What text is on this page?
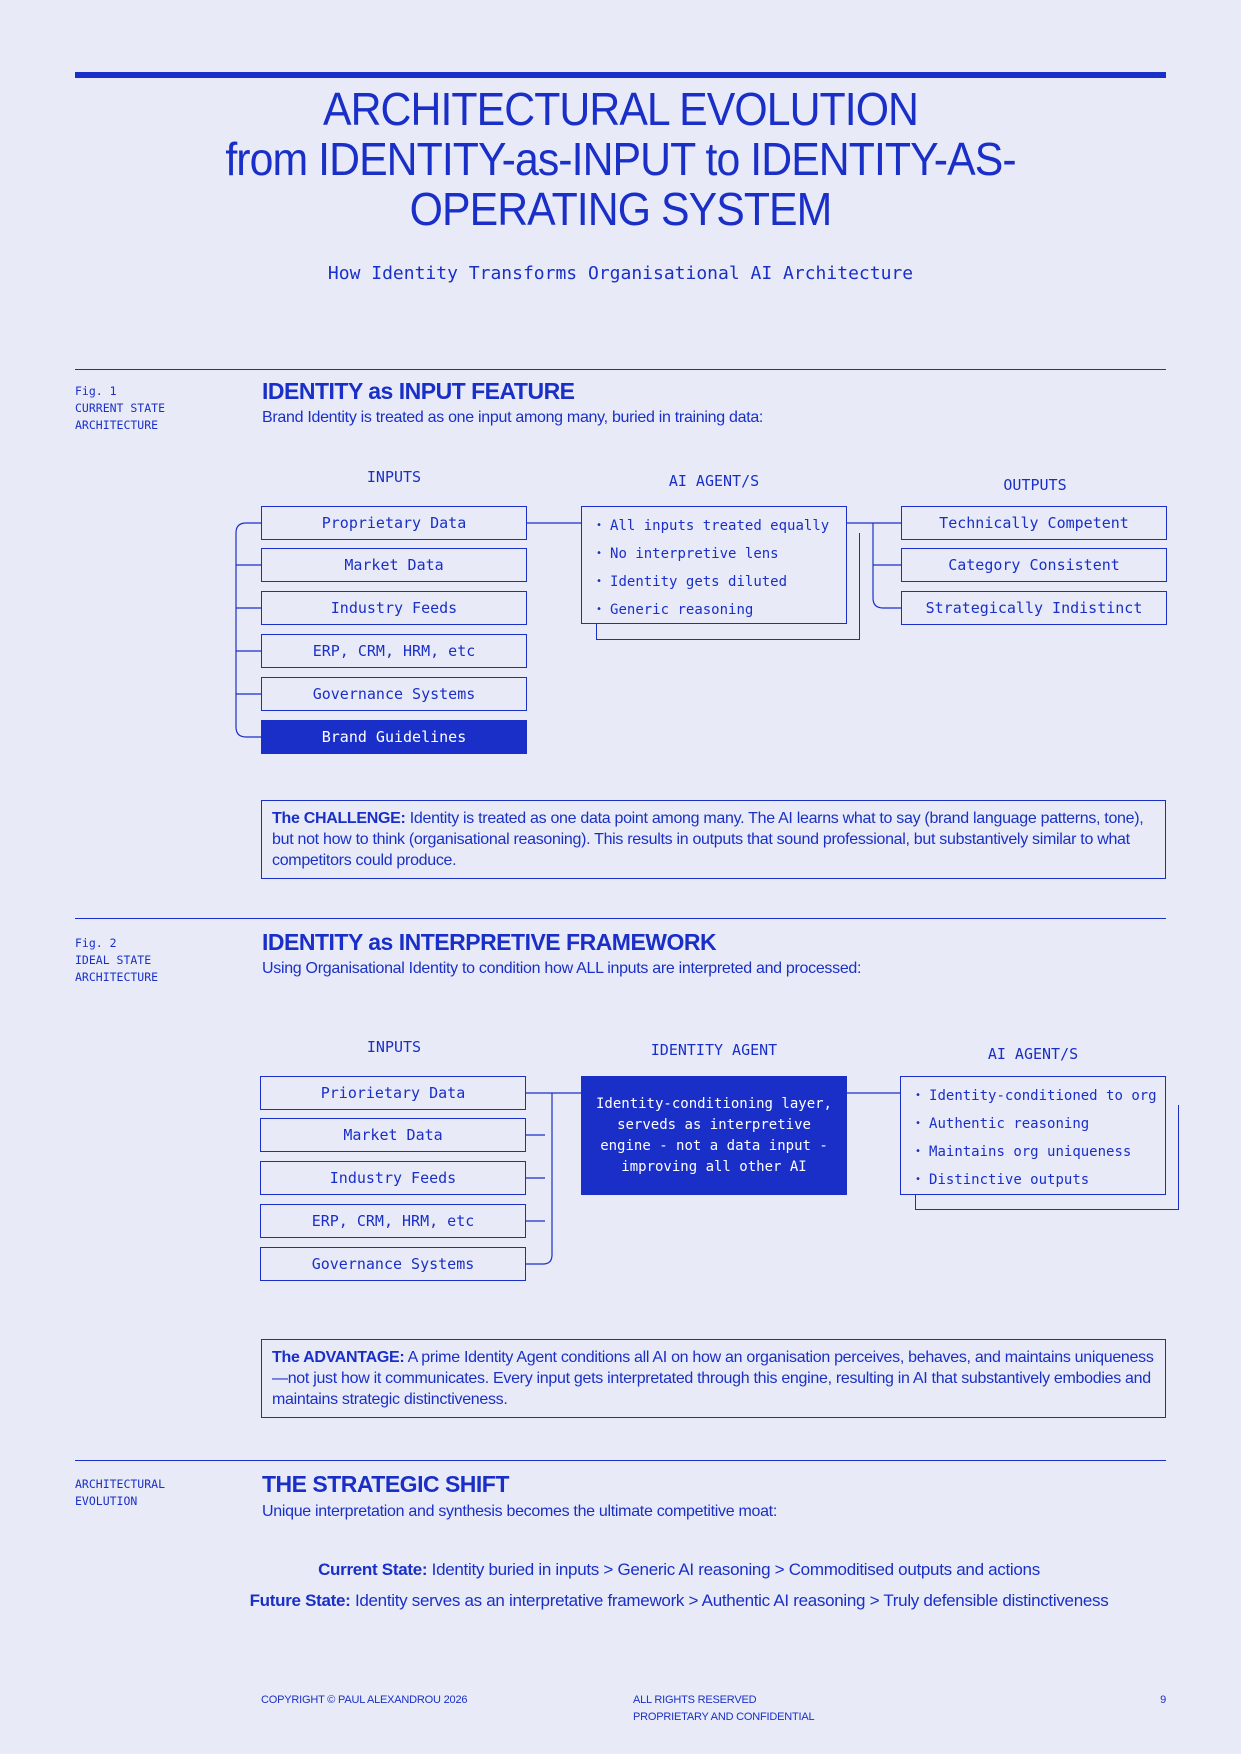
ARCHITECTURAL EVOLUTION
from IDENTITY-as-INPUT to IDENTITY-AS-
OPERATING SYSTEM
How Identity Transforms Organisational AI Architecture
Fig. 1
CURRENT STATE
ARCHITECTURE
IDENTITY as INPUT FEATURE
Brand Identity is treated as one input among many, buried in training data:
INPUTS	AI AGENT/S	OUTPUTS
Proprietary Data
Market Data
Industry Feeds
ERP, CRM, HRM, etc
Governance Systems
Brand Guidelines
• All inputs treated equally
• No interpretive lens
• Identity gets diluted
• Generic reasoning
Technically Competent
Category Consistent
Strategically Indistinct
The CHALLENGE: Identity is treated as one data point among many. The AI learns what to say (brand language patterns, tone), but not how to think (organisational reasoning). This results in outputs that sound professional, but substantively similar to what competitors could produce.
Fig. 2
IDEAL STATE
ARCHITECTURE
IDENTITY as INTERPRETIVE FRAMEWORK
Using Organisational Identity to condition how ALL inputs are interpreted and processed:
INPUTS	IDENTITY AGENT	AI AGENT/S
Priorietary Data
Market Data
Industry Feeds
ERP, CRM, HRM, etc
Governance Systems
Identity-conditioning layer,
serveds as interpretive
engine - not a data input -
improving all other AI
• Identity-conditioned to org
• Authentic reasoning
• Maintains org uniqueness
• Distinctive outputs
The ADVANTAGE: A prime Identity Agent conditions all AI on how an organisation perceives, behaves, and maintains uniqueness—not just how it communicates. Every input gets interpretated through this engine, resulting in AI that substantively embodies and maintains strategic distinctiveness.
ARCHITECTURAL
EVOLUTION
THE STRATEGIC SHIFT
Unique interpretation and synthesis becomes the ultimate competitive moat:
Current State: Identity buried in inputs > Generic AI reasoning > Commoditised outputs and actions
Future State: Identity serves as an interpretative framework > Authentic AI reasoning > Truly defensible distinctiveness
COPYRIGHT © PAUL ALEXANDROU 2026	ALL RIGHTS RESERVED
PROPRIETARY AND CONFIDENTIAL
9
